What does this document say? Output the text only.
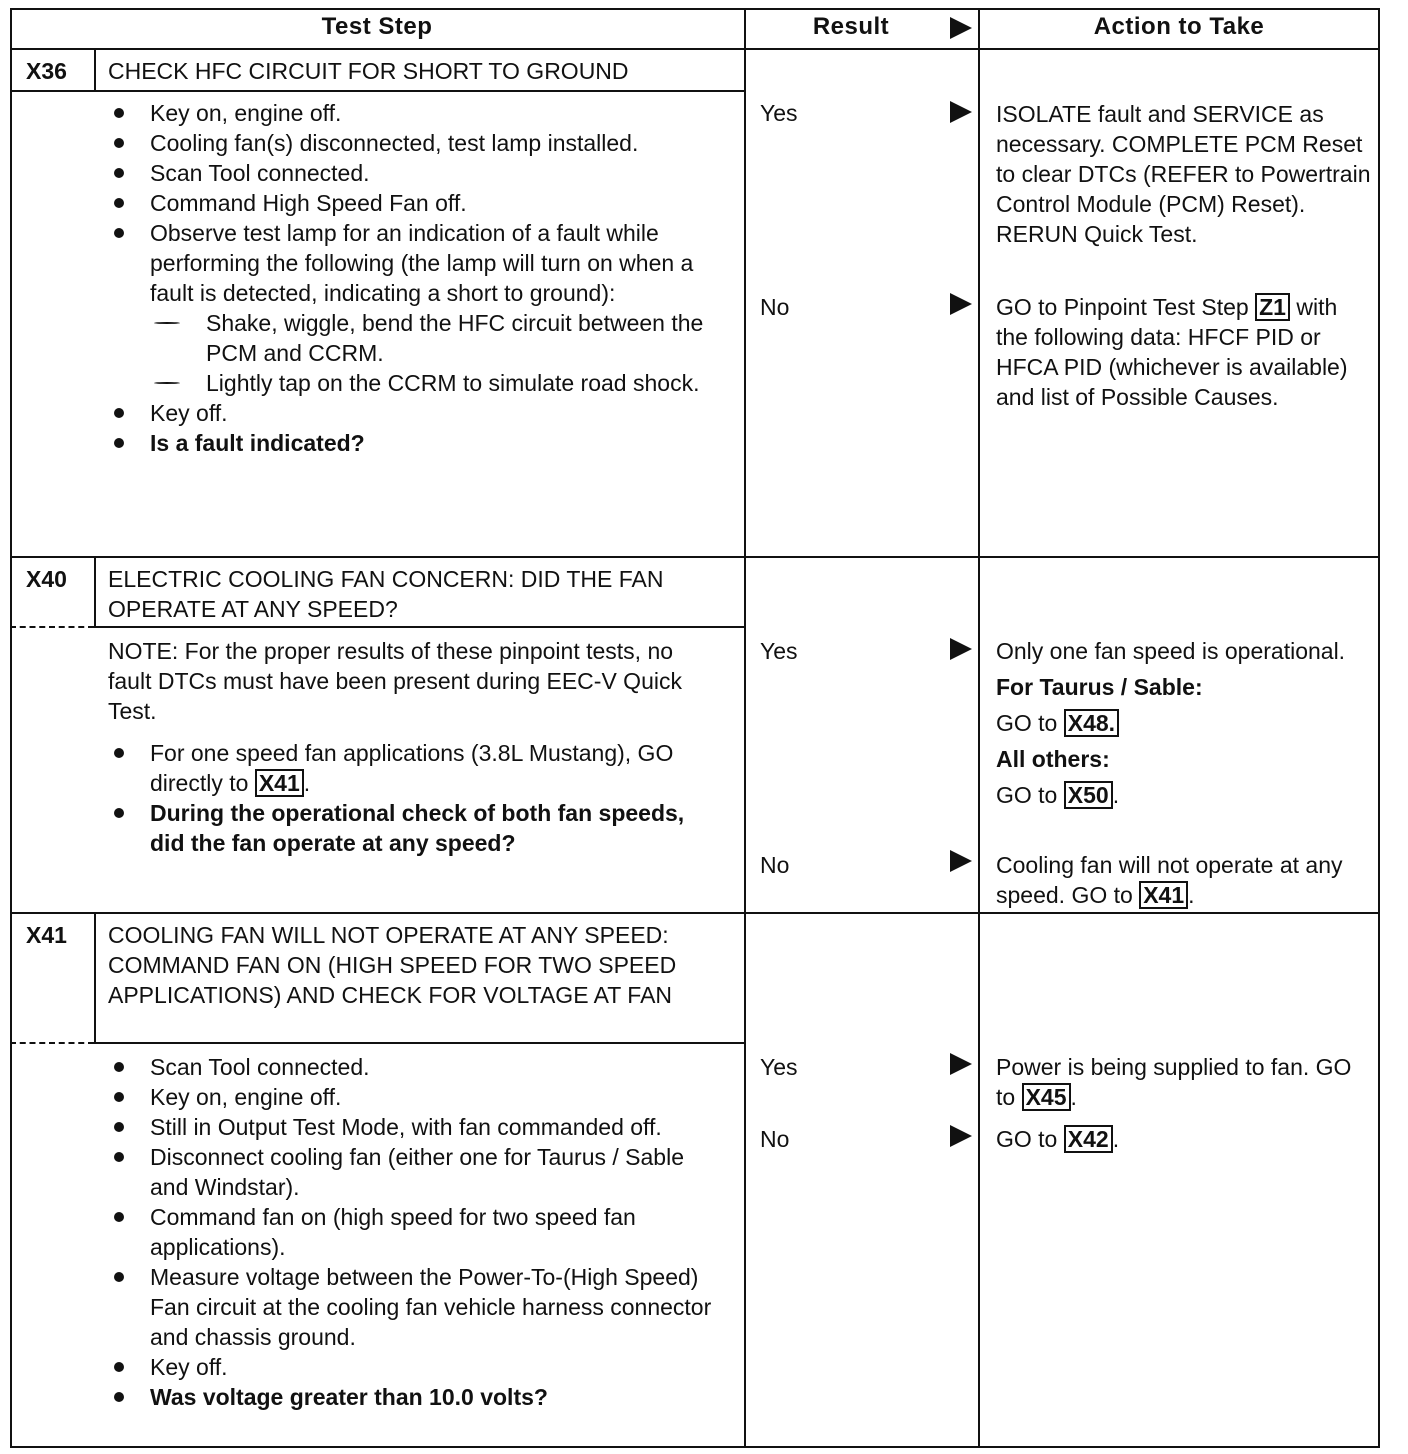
Test Step	Result	Action to Take
X36 CHECK HFC CIRCUIT FOR SHORT TO GROUND
Key on, engine off.
Cooling fan(s) disconnected, test lamp installed.
Scan Tool connected.
Command High Speed Fan off.
Observe test lamp for an indication of a fault while performing the following (the lamp will turn on when a fault is detected, indicating a short to ground):
Shake, wiggle, bend the HFC circuit between the PCM and CCRM.
Lightly tap on the CCRM to simulate road shock.
Key off.
Is a fault indicated?
Yes	ISOLATE fault and SERVICE as necessary. COMPLETE PCM Reset to clear DTCs (REFER to Powertrain Control Module (PCM) Reset). RERUN Quick Test.
No	GO to Pinpoint Test Step Z1 with the following data: HFCF PID or HFCA PID (whichever is available) and list of Possible Causes.
X40 ELECTRIC COOLING FAN CONCERN: DID THE FAN OPERATE AT ANY SPEED?
NOTE: For the proper results of these pinpoint tests, no fault DTCs must have been present during EEC-V Quick Test.
For one speed fan applications (3.8L Mustang), GO directly to X41 .
During the operational check of both fan speeds, did the fan operate at any speed?
Yes	Only one fan speed is operational.
For Taurus / Sable:
GO to X48.
All others:
GO to X50 .
No	Cooling fan will not operate at any speed. GO to X41 .
X41 COOLING FAN WILL NOT OPERATE AT ANY SPEED: COMMAND FAN ON (HIGH SPEED FOR TWO SPEED APPLICATIONS) AND CHECK FOR VOLTAGE AT FAN
Scan Tool connected.
Key on, engine off.
Still in Output Test Mode, with fan commanded off.
Disconnect cooling fan (either one for Taurus / Sable and Windstar).
Command fan on (high speed for two speed fan applications).
Measure voltage between the Power-To-(High Speed) Fan circuit at the cooling fan vehicle harness connector and chassis ground.
Key off.
Was voltage greater than 10.0 volts?
Yes	Power is being supplied to fan. GO to X45 .
No	GO to X42 .
